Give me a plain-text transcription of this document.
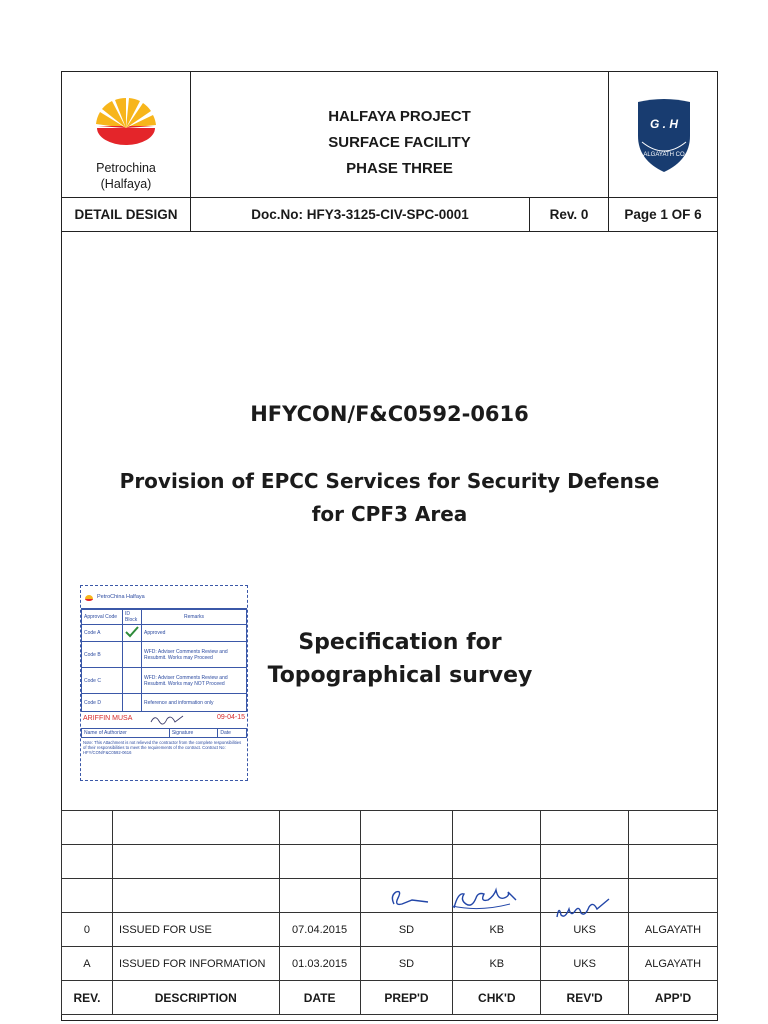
Petrochina
(Halfaya)
HALFAYA PROJECT
SURFACE FACILITY
PHASE THREE
G . H
ALGAYATH CO
DETAIL DESIGN	Doc.No: HFY3-3125-CIV-SPC-0001	Rev. 0	Page 1 OF 6
HFYCON/F&C0592-0616
Provision of EPCC Services for Security Defense for CPF3 Area
Specification for
Topographical survey
PetroChina Halfaya
Approval Code	ID Block	Remarks
Code A		Approved
Code B		WFD: Adviser Comments Review and Resubmit. Works may Proceed
Code C		WFD: Adviser Comments Review and Resubmit. Works may NOT Proceed
Code D		Reference and information only
ARIFFIN MUSA	09-04-15
Name of Authorizer	Signature	Date
Note: This Attachment is not relieved the contractor from the complete responsibilities of their responsibilities to meet the requirements of the contract. Contract No: HFY/CON/F&C0592-0616

0	ISSUED FOR USE	07.04.2015	SD	KB	UKS	ALGAYATH
A	ISSUED FOR INFORMATION	01.03.2015	SD	KB	UKS	ALGAYATH
REV.	DESCRIPTION	DATE	PREP'D	CHK'D	REV'D	APP'D
